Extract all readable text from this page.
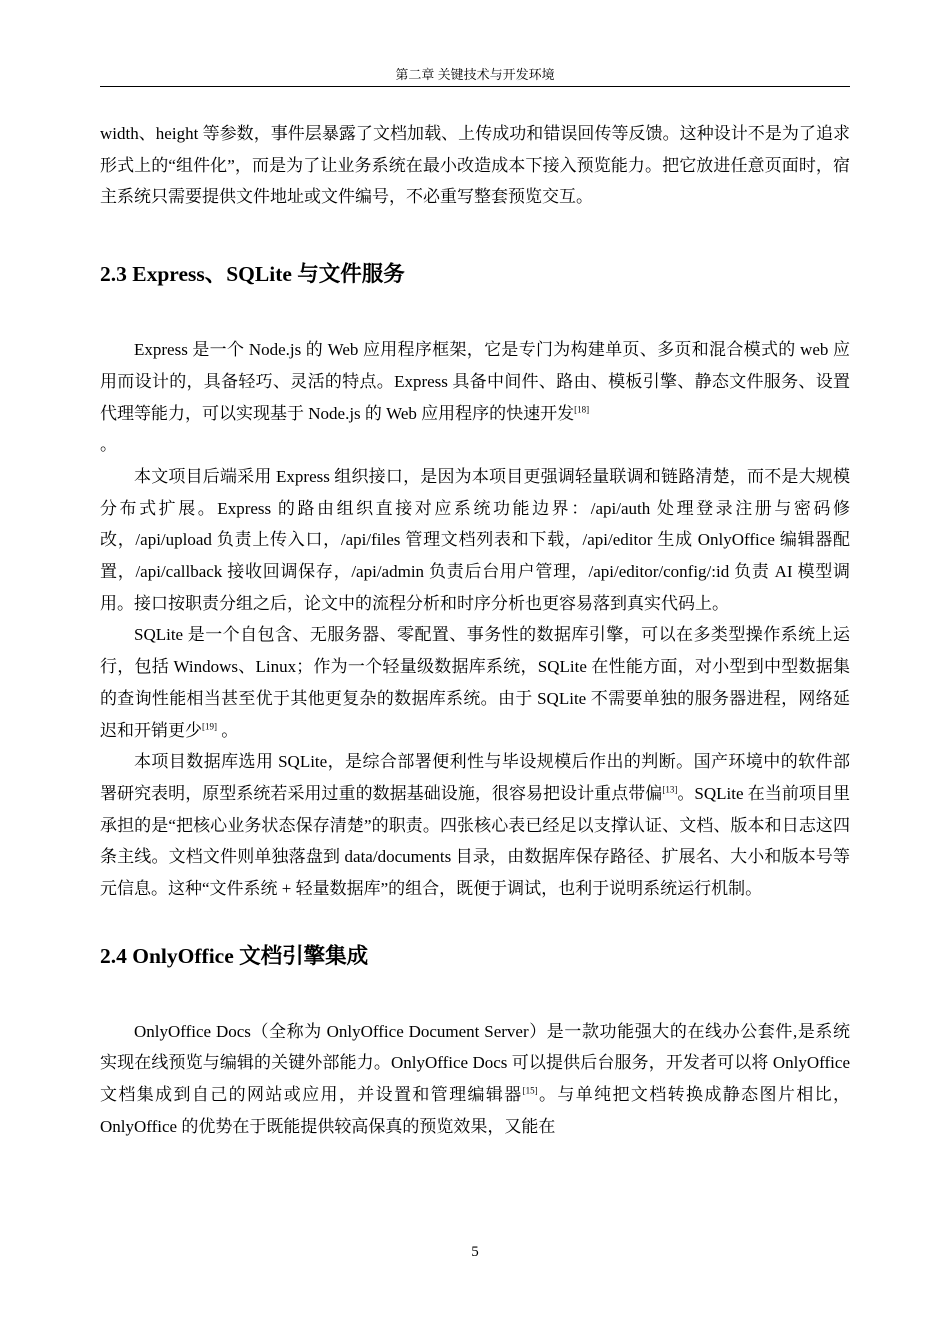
第二章 关键技术与开发环境

width、height 等参数，事件层暴露了文档加载、上传成功和错误回传等反馈。这种设计不是为了追求形式上的“组件化”，而是为了让业务系统在最小改造成本下接入预览能力。把它放进任意页面时，宿主系统只需要提供文件地址或文件编号，不必重写整套预览交互。

2.3 Express、SQLite 与文件服务

Express 是一个 Node.js 的 Web 应用程序框架，它是专门为构建单页、多页和混合模式的 web 应用而设计的，具备轻巧、灵活的特点。Express 具备中间件、路由、模板引擎、静态文件服务、设置代理等能力，可以实现基于 Node.js 的 Web 应用程序的快速开发[18]
。

本文项目后端采用 Express 组织接口，是因为本项目更强调轻量联调和链路清楚，而不是大规模分布式扩展。Express 的路由组织直接对应系统功能边界：/api/auth 处理登录注册与密码修改，/api/upload 负责上传入口，/api/files 管理文档列表和下载，/api/editor 生成 OnlyOffice 编辑器配置，/api/callback 接收回调保存，/api/admin 负责后台用户管理，/api/editor/config/:id 负责 AI 模型调用。接口按职责分组之后，论文中的流程分析和时序分析也更容易落到真实代码上。

SQLite 是一个自包含、无服务器、零配置、事务性的数据库引擎，可以在多类型操作系统上运行，包括 Windows、Linux；作为一个轻量级数据库系统，SQLite 在性能方面，对小型到中型数据集的查询性能相当甚至优于其他更复杂的数据库系统。由于 SQLite 不需要单独的服务器进程，网络延迟和开销更少[19] 。

本项目数据库选用 SQLite，是综合部署便利性与毕设规模后作出的判断。国产环境中的软件部署研究表明，原型系统若采用过重的数据基础设施，很容易把设计重点带偏[13]。SQLite 在当前项目里承担的是“把核心业务状态保存清楚”的职责。四张核心表已经足以支撑认证、文档、版本和日志这四条主线。文档文件则单独落盘到 data/documents 目录，由数据库保存路径、扩展名、大小和版本号等元信息。这种“文件系统 + 轻量数据库”的组合，既便于调试，也利于说明系统运行机制。

2.4 OnlyOffice 文档引擎集成

OnlyOffice Docs（全称为 OnlyOffice Document Server）是一款功能强大的在线办公套件,是系统实现在线预览与编辑的关键外部能力。OnlyOffice Docs 可以提供后台服务，开发者可以将 OnlyOffice 文档集成到自己的网站或应用，并设置和管理编辑器[15]。与单纯把文档转换成静态图片相比，OnlyOffice 的优势在于既能提供较高保真的预览效果，又能在

5
